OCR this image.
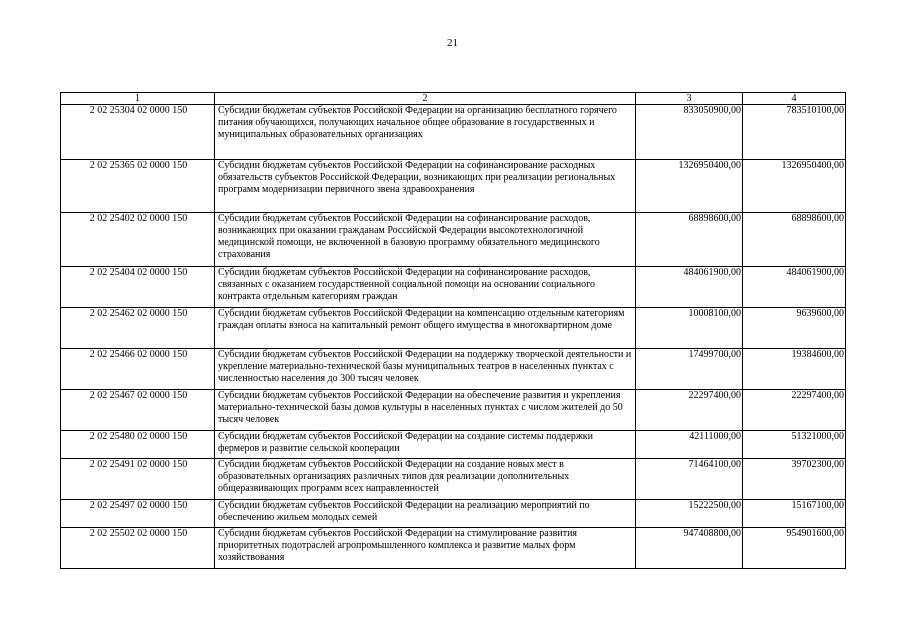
21
1	2	3	4
2 02 25304 02 0000 150	Субсидии бюджетам субъектов Российской Федерации на организацию бесплатного горячего питания обучающихся, получающих начальное общее образование в государственных и муниципальных образовательных организациях	833050900,00	783510100,00
2 02 25365 02 0000 150	Субсидии бюджетам субъектов Российской Федерации на софинансирование расходных обязательств субъектов Российской Федерации, возникающих при реализации региональных программ модернизации первичного звена здравоохранения	1326950400,00	1326950400,00
2 02 25402 02 0000 150	Субсидии бюджетам субъектов Российской Федерации на софинансирование расходов, возникающих при оказании гражданам Российской Федерации высокотехнологичной медицинской помощи, не включенной в базовую программу обязательного медицинского страхования	68898600,00	68898600,00
2 02 25404 02 0000 150	Субсидии бюджетам субъектов Российской Федерации на софинансирование расходов, связанных с оказанием государственной социальной помощи на основании социального контракта отдельным категориям граждан	484061900,00	484061900,00
2 02 25462 02 0000 150	Субсидии бюджетам субъектов Российской Федерации на компенсацию отдельным категориям граждан оплаты взноса на капитальный ремонт общего имущества в многоквартирном доме	10008100,00	9639600,00
2 02 25466 02 0000 150	Субсидии бюджетам субъектов Российской Федерации на поддержку творческой деятельности и укрепление материально-технической базы муниципальных театров в населенных пунктах с численностью населения до 300 тысяч человек	17499700,00	19384600,00
2 02 25467 02 0000 150	Субсидии бюджетам субъектов Российской Федерации на обеспечение развития и укрепления материально-технической базы домов культуры в населенных пунктах с числом жителей до 50 тысяч человек	22297400,00	22297400,00
2 02 25480 02 0000 150	Субсидии бюджетам субъектов Российской Федерации на создание системы поддержки фермеров и развитие сельской кооперации	42111000,00	51321000,00
2 02 25491 02 0000 150	Субсидии бюджетам субъектов Российской Федерации на создание новых мест в образовательных организациях различных типов для реализации дополнительных общеразвивающих программ всех направленностей	71464100,00	39702300,00
2 02 25497 02 0000 150	Субсидии бюджетам субъектов Российской Федерации на реализацию мероприятий по обеспечению жильем молодых семей	15222500,00	15167100,00
2 02 25502 02 0000 150	Субсидии бюджетам субъектов Российской Федерации на стимулирование развития приоритетных подотраслей агропромышленного комплекса и развитие малых форм хозяйствования	947408800,00	954901600,00
